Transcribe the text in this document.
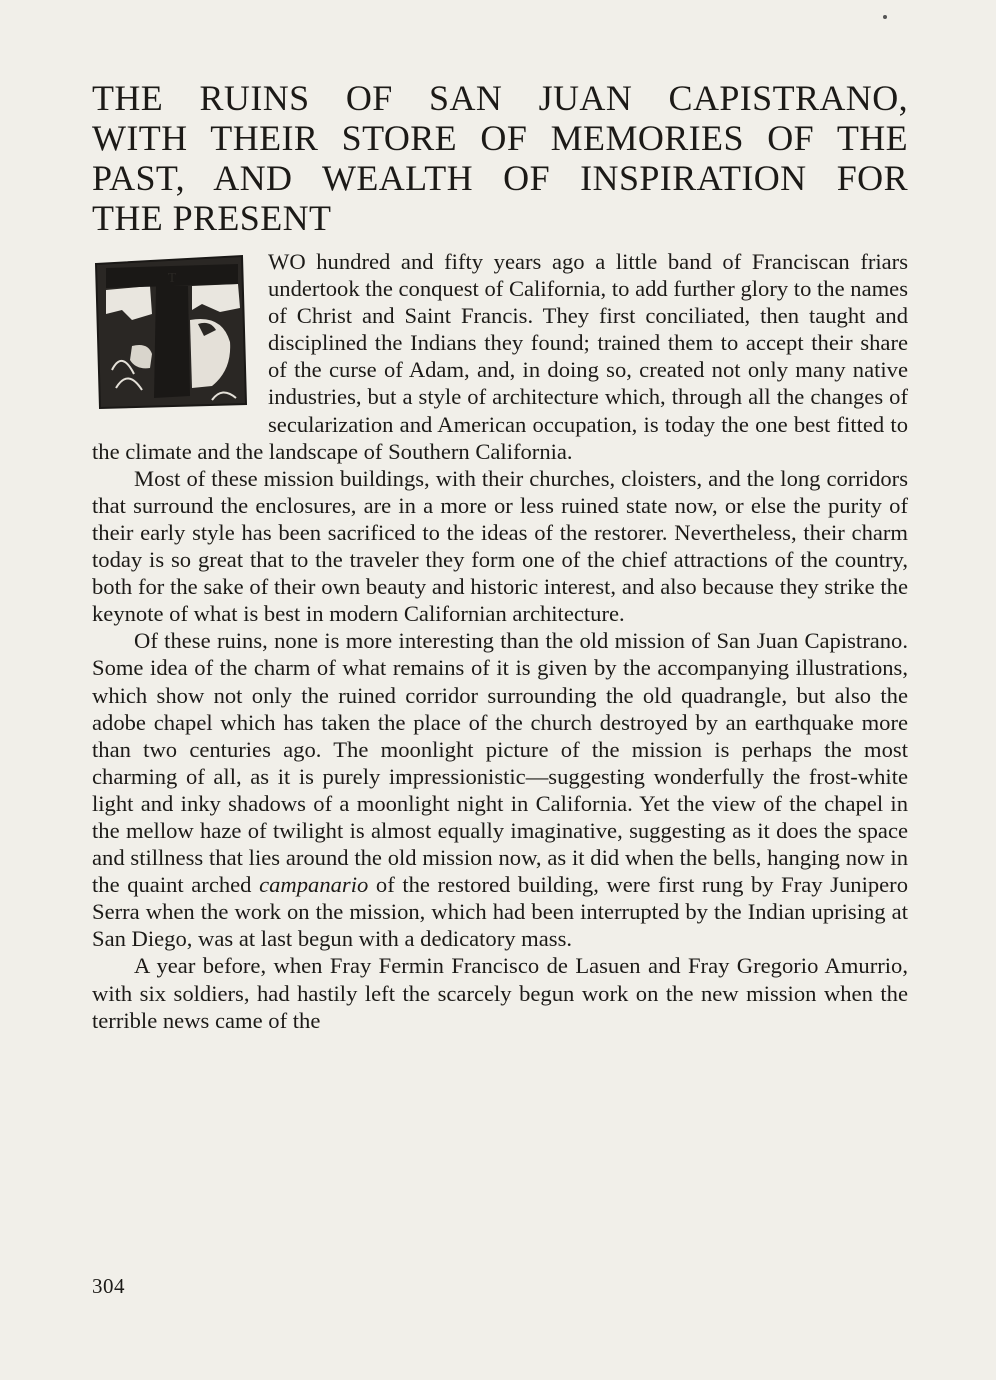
THE RUINS OF SAN JUAN CAPISTRANO,
WITH THEIR STORE OF MEMORIES OF THE
PAST, AND WEALTH OF INSPIRATION FOR
THE PRESENT
T

WO hundred and fifty years ago a little band of Franciscan friars undertook the conquest of California, to add further glory to the names of Christ and Saint Francis. They first conciliated, then taught and disciplined the Indians they found; trained them to accept their share of the curse of Adam, and, in doing so, created not only many native industries, but a style of architecture which, through all the changes of secularization and American occupation, is today the one best fitted to the climate and the landscape of Southern California.

Most of these mission buildings, with their churches, cloisters, and the long corridors that surround the enclosures, are in a more or less ruined state now, or else the purity of their early style has been sacrificed to the ideas of the restorer. Nevertheless, their charm today is so great that to the traveler they form one of the chief attractions of the country, both for the sake of their own beauty and historic interest, and also because they strike the keynote of what is best in modern Californian architecture.

Of these ruins, none is more interesting than the old mission of San Juan Capistrano. Some idea of the charm of what remains of it is given by the accompanying illustrations, which show not only the ruined corridor surrounding the old quadrangle, but also the adobe chapel which has taken the place of the church destroyed by an earthquake more than two centuries ago. The moonlight picture of the mission is perhaps the most charming of all, as it is purely impressionistic—suggesting wonderfully the frost-white light and inky shadows of a moonlight night in California. Yet the view of the chapel in the mellow haze of twilight is almost equally imaginative, suggesting as it does the space and stillness that lies around the old mission now, as it did when the bells, hanging now in the quaint arched campanario of the restored building, were first rung by Fray Junipero Serra when the work on the mission, which had been interrupted by the Indian uprising at San Diego, was at last begun with a dedicatory mass.

A year before, when Fray Fermin Francisco de Lasuen and Fray Gregorio Amurrio, with six soldiers, had hastily left the scarcely begun work on the new mission when the terrible news came of the

304
